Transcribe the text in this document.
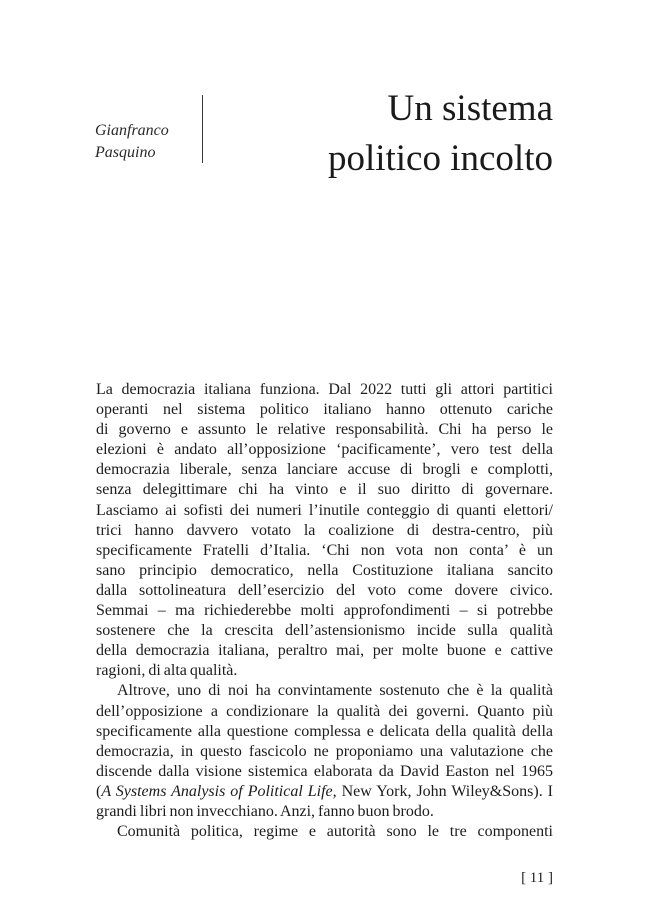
Gianfranco
Pasquino
Un sistema
politico incolto
La democrazia italiana funziona. Dal 2022 tutti gli attori partitici
operanti nel sistema politico italiano hanno ottenuto cariche
di governo e assunto le relative responsabilità. Chi ha perso le
elezioni è andato all’opposizione ‘pacificamente’, vero test della
democrazia liberale, senza lanciare accuse di brogli e complotti,
senza delegittimare chi ha vinto e il suo diritto di governare.
Lasciamo ai sofisti dei numeri l’inutile conteggio di quanti elettori/
trici hanno davvero votato la coalizione di destra-centro, più
specificamente Fratelli d’Italia. ‘Chi non vota non conta’ è un
sano principio democratico, nella Costituzione italiana sancito
dalla sottolineatura dell’esercizio del voto come dovere civico.
Semmai – ma richiederebbe molti approfondimenti – si potrebbe
sostenere che la crescita dell’astensionismo incide sulla qualità
della democrazia italiana, peraltro mai, per molte buone e cattive
ragioni, di alta qualità.
Altrove, uno di noi ha convintamente sostenuto che è la qualità
dell’opposizione a condizionare la qualità dei governi. Quanto più
specificamente alla questione complessa e delicata della qualità della
democrazia, in questo fascicolo ne proponiamo una valutazione che
discende dalla visione sistemica elaborata da David Easton nel 1965
(A Systems Analysis of Political Life, New York, John Wiley&Sons). I
grandi libri non invecchiano. Anzi, fanno buon brodo.
Comunità politica, regime e autorità sono le tre componenti
[ 11 ]
